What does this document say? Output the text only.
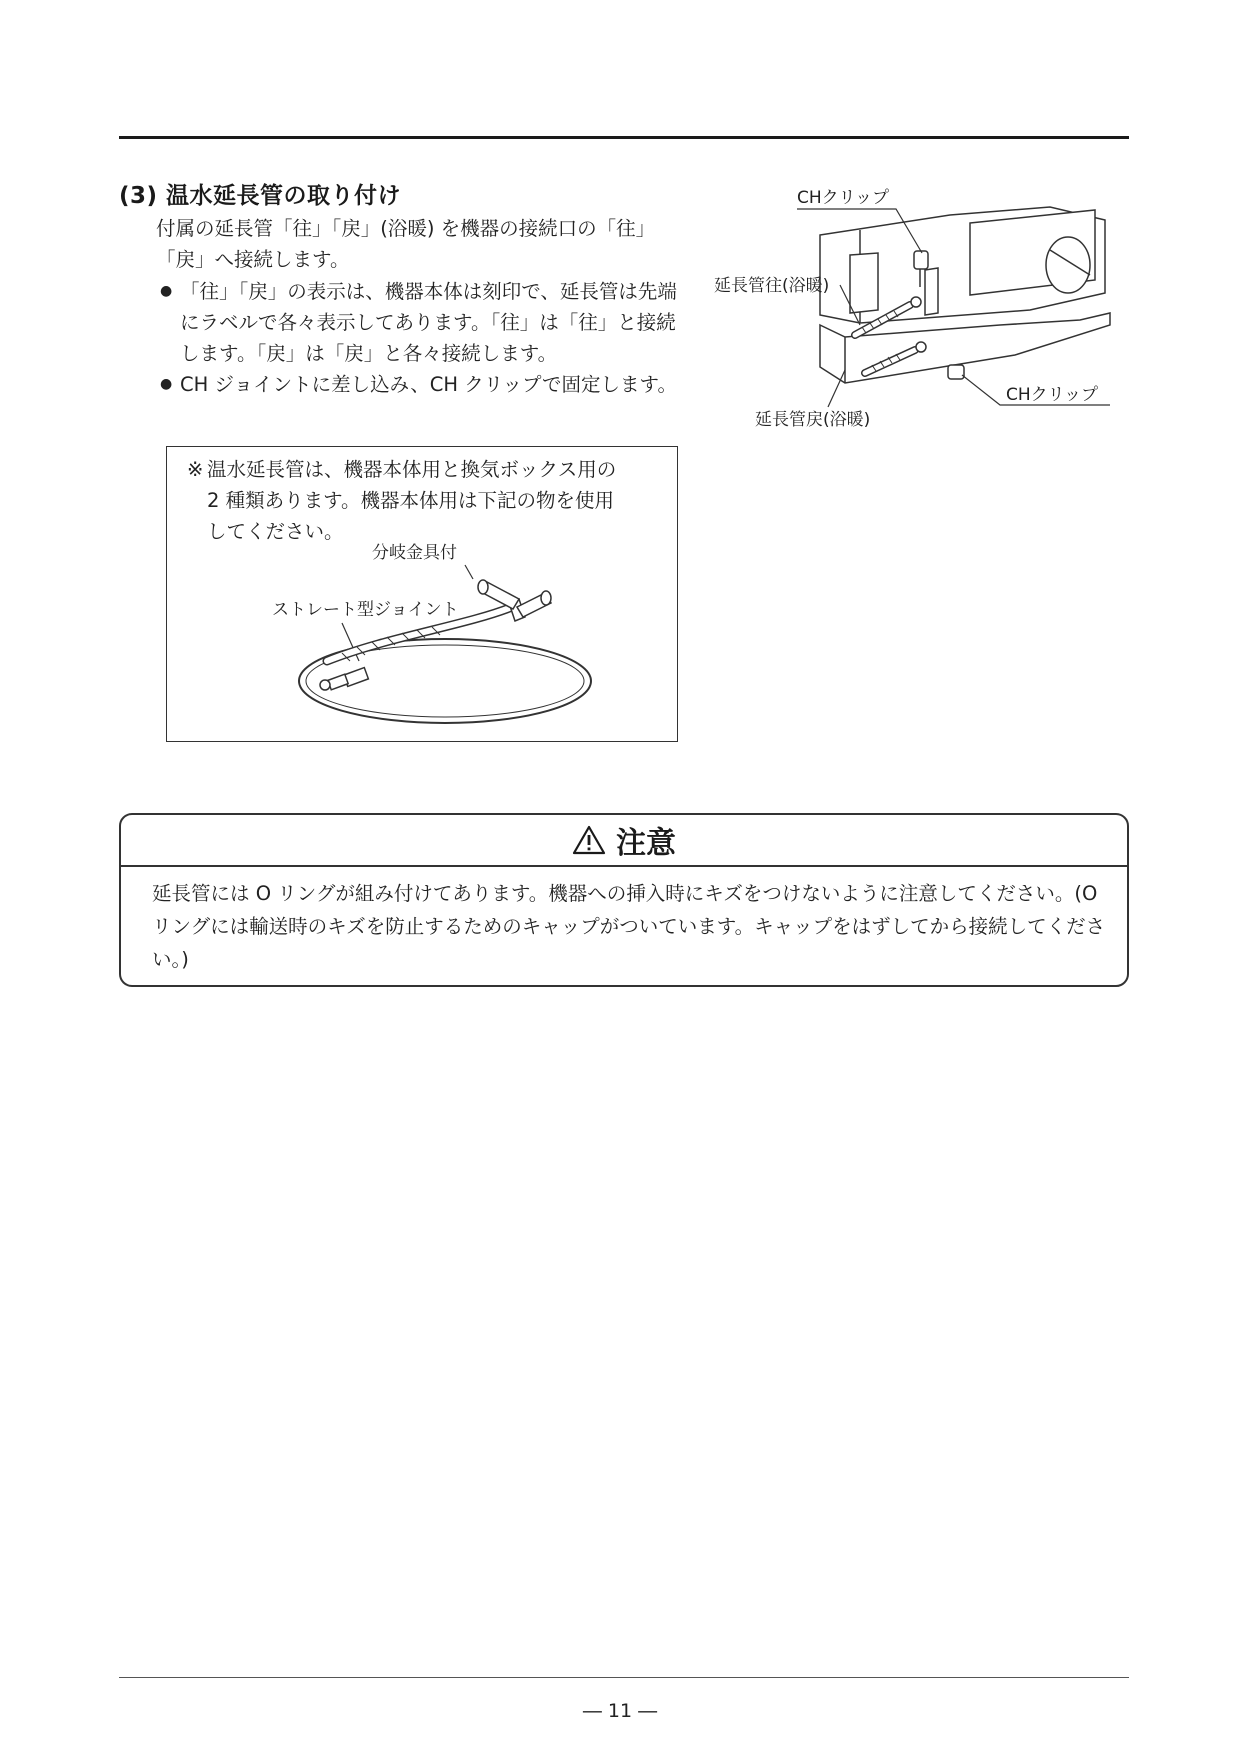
(3) 温水延長管の取り付け

付属の延長管「往」「戻」(浴暖) を機器の接続口の「往」「戻」へ接続します。

● 「往」「戻」の表示は、機器本体は刻印で、延長管は先端にラベルで各々表示してあります。「往」は「往」と接続します。「戻」は「戻」と各々接続します。
● CH ジョイントに差し込み、CH クリップで固定します。

※ 温水延長管は、機器本体用と換気ボックス用の
2 種類あります。機器本体用は下記の物を使用
してください。

分岐金具付
ストレート型ジョイント
CHクリップ
延長管往(浴暖)
CHクリップ
延長管戻(浴暖)
注意

延長管には O リングが組み付けてあります。機器への挿入時にキズをつけないように注意してください。(O リングには輸送時のキズを防止するためのキャップがついています。キャップをはずしてから接続してください。)

― 11 ―
